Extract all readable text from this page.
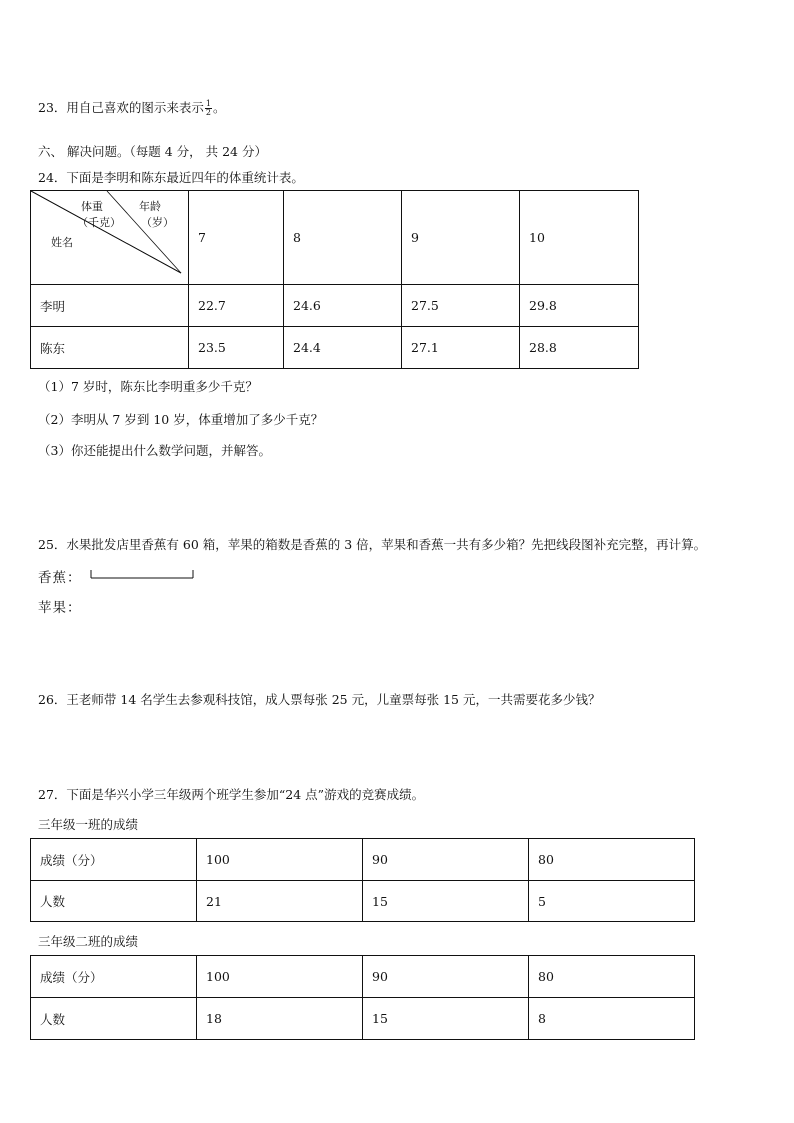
23．用自己喜欢的图示来表示 $\frac{1}{2}$ 。
六、 解决问题。（每题 4 分， 共 24 分）
24．下面是李明和陈东最近四年的体重统计表。
体重
（千克）
年龄
（岁）
姓名	7	8	9	10
李明	22.7	24.6	27.5	29.8
陈东	23.5	24.4	27.1	28.8
（1）7 岁时，陈东比李明重多少千克？
（2）李明从 7 岁到 10 岁，体重增加了多少千克？
（3）你还能提出什么数学问题，并解答。
25．水果批发店里香蕉有 60 箱，苹果的箱数是香蕉的 3 倍，苹果和香蕉一共有多少箱？先把线段图补充完整，再计算。
香蕉：
苹果：
26．王老师带 14 名学生去参观科技馆，成人票每张 25 元，儿童票每张 15 元，一共需要花多少钱？
27．下面是华兴小学三年级两个班学生参加“24 点”游戏的竞赛成绩。
三年级一班的成绩
成绩（分）	100	90	80
人数	21	15	5
三年级二班的成绩
成绩（分）	100	90	80
人数	18	15	8
